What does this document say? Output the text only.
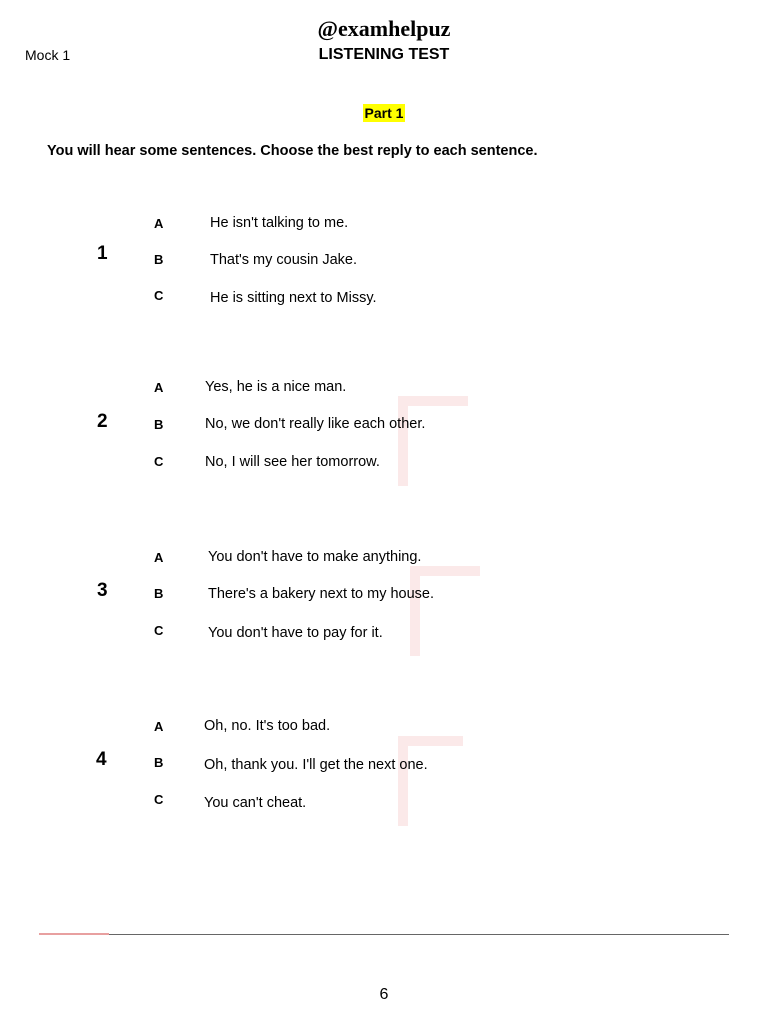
@examhelpuz
Mock 1	LISTENING TEST
Part 1
You will hear some sentences. Choose the best reply to each sentence.
1
A	He isn't talking to me.
B	That's my cousin Jake.
C	He is sitting next to Missy.
2
A	Yes, he is a nice man.
B	No, we don't really like each other.
C	No, I will see her tomorrow.
3
A	You don't have to make anything.
B	There's a bakery next to my house.
C	You don't have to pay for it.
4
A	Oh, no. It's too bad.
B	Oh, thank you. I'll get the next one.
C	You can't cheat.
6
